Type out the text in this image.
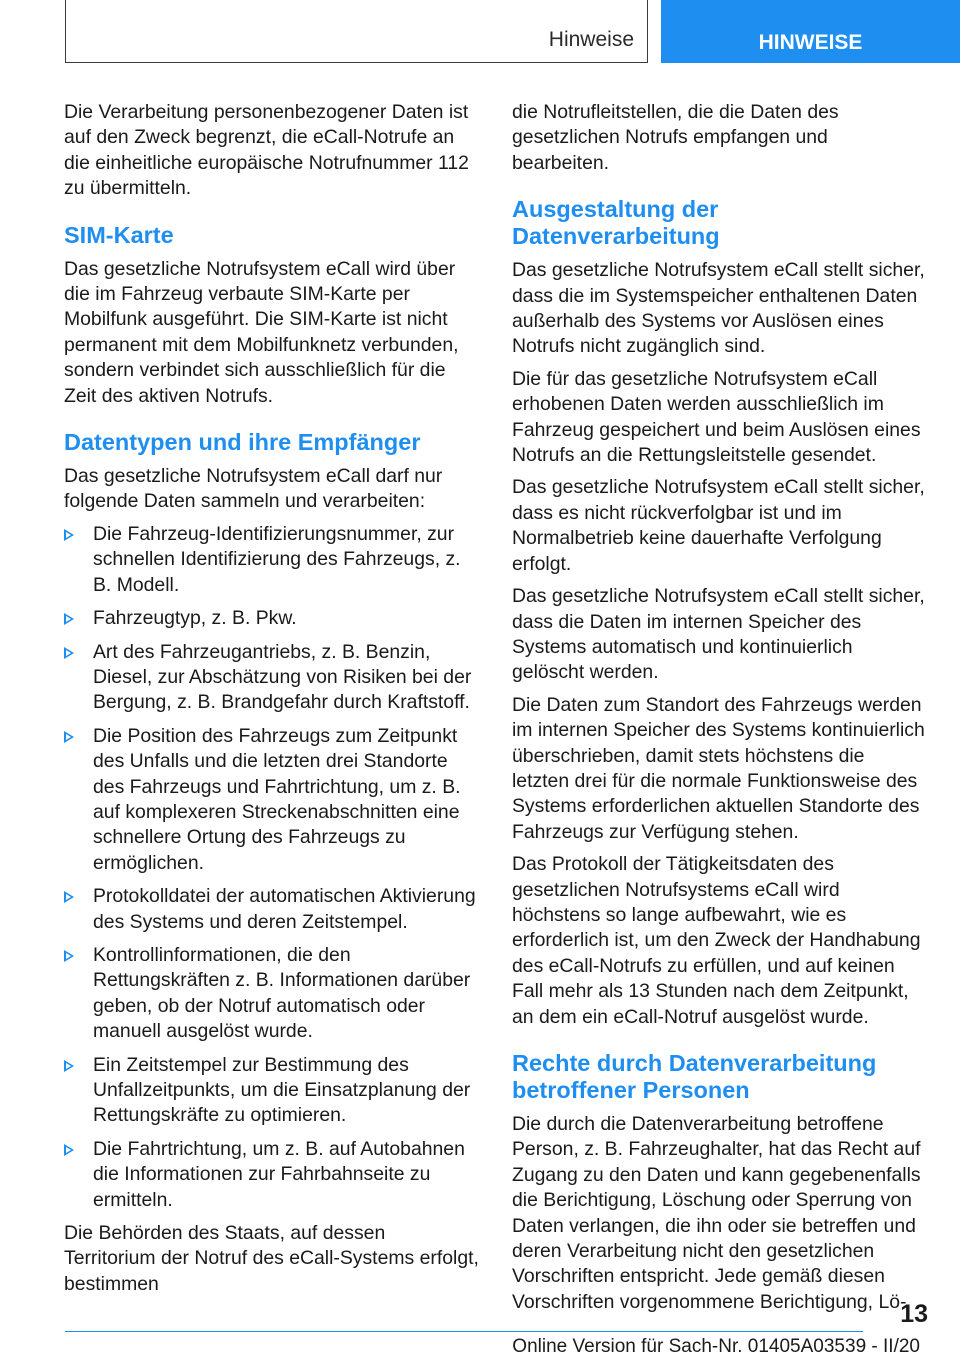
Hinweise	HINWEISE

Die Verarbeitung personenbezogener Daten ist auf den Zweck begrenzt, die eCall-Notrufe an die einheitliche europäische Notrufnummer 112 zu übermitteln.

SIM-Karte

Das gesetzliche Notrufsystem eCall wird über die im Fahrzeug verbaute SIM-Karte per Mobilfunk ausgeführt. Die SIM-Karte ist nicht permanent mit dem Mobilfunknetz verbunden, sondern verbindet sich ausschließlich für die Zeit des aktiven Notrufs.

Datentypen und ihre Empfänger

Das gesetzliche Notrufsystem eCall darf nur folgende Daten sammeln und verarbeiten:

Die Fahrzeug-Identifizierungsnummer, zur schnellen Identifizierung des Fahrzeugs, z. B. Modell.
Fahrzeugtyp, z. B. Pkw.
Art des Fahrzeugantriebs, z. B. Benzin, Diesel, zur Abschätzung von Risiken bei der Bergung, z. B. Brandgefahr durch Kraftstoff.
Die Position des Fahrzeugs zum Zeitpunkt des Unfalls und die letzten drei Standorte des Fahrzeugs und Fahrtrichtung, um z. B. auf komplexeren Streckenabschnitten eine schnellere Ortung des Fahrzeugs zu ermöglichen.
Protokolldatei der automatischen Aktivierung des Systems und deren Zeitstempel.
Kontrollinformationen, die den Rettungskräften z. B. Informationen darüber geben, ob der Notruf automatisch oder manuell ausgelöst wurde.
Ein Zeitstempel zur Bestimmung des Unfallzeitpunkts, um die Einsatzplanung der Rettungskräfte zu optimieren.
Die Fahrtrichtung, um z. B. auf Autobahnen die Informationen zur Fahrbahnseite zu ermitteln.

Die Behörden des Staats, auf dessen Territorium der Notruf des eCall-Systems erfolgt, bestimmen

die Notrufleitstellen, die die Daten des gesetzlichen Notrufs empfangen und bearbeiten.

Ausgestaltung der Datenverarbeitung

Das gesetzliche Notrufsystem eCall stellt sicher, dass die im Systemspeicher enthaltenen Daten außerhalb des Systems vor Auslösen eines Notrufs nicht zugänglich sind.

Die für das gesetzliche Notrufsystem eCall erhobenen Daten werden ausschließlich im Fahrzeug gespeichert und beim Auslösen eines Notrufs an die Rettungsleitstelle gesendet.

Das gesetzliche Notrufsystem eCall stellt sicher, dass es nicht rückverfolgbar ist und im Normalbetrieb keine dauerhafte Verfolgung erfolgt.

Das gesetzliche Notrufsystem eCall stellt sicher, dass die Daten im internen Speicher des Systems automatisch und kontinuierlich gelöscht werden.

Die Daten zum Standort des Fahrzeugs werden im internen Speicher des Systems kontinuierlich überschrieben, damit stets höchstens die letzten drei für die normale Funktionsweise des Systems erforderlichen aktuellen Standorte des Fahrzeugs zur Verfügung stehen.

Das Protokoll der Tätigkeitsdaten des gesetzlichen Notrufsystems eCall wird höchstens so lange aufbewahrt, wie es erforderlich ist, um den Zweck der Handhabung des eCall-Notrufs zu erfüllen, und auf keinen Fall mehr als 13 Stunden nach dem Zeitpunkt, an dem ein eCall-Notruf ausgelöst wurde.

Rechte durch Datenverarbeitung betroffener Personen

Die durch die Datenverarbeitung betroffene Person, z. B. Fahrzeughalter, hat das Recht auf Zugang zu den Daten und kann gegebenenfalls die Berichtigung, Löschung oder Sperrung von Daten verlangen, die ihn oder sie betreffen und deren Verarbeitung nicht den gesetzlichen Vorschriften entspricht. Jede gemäß diesen Vorschriften vorgenommene Berichtigung, Lö-

13
Online Version für Sach-Nr. 01405A03539 - II/20
